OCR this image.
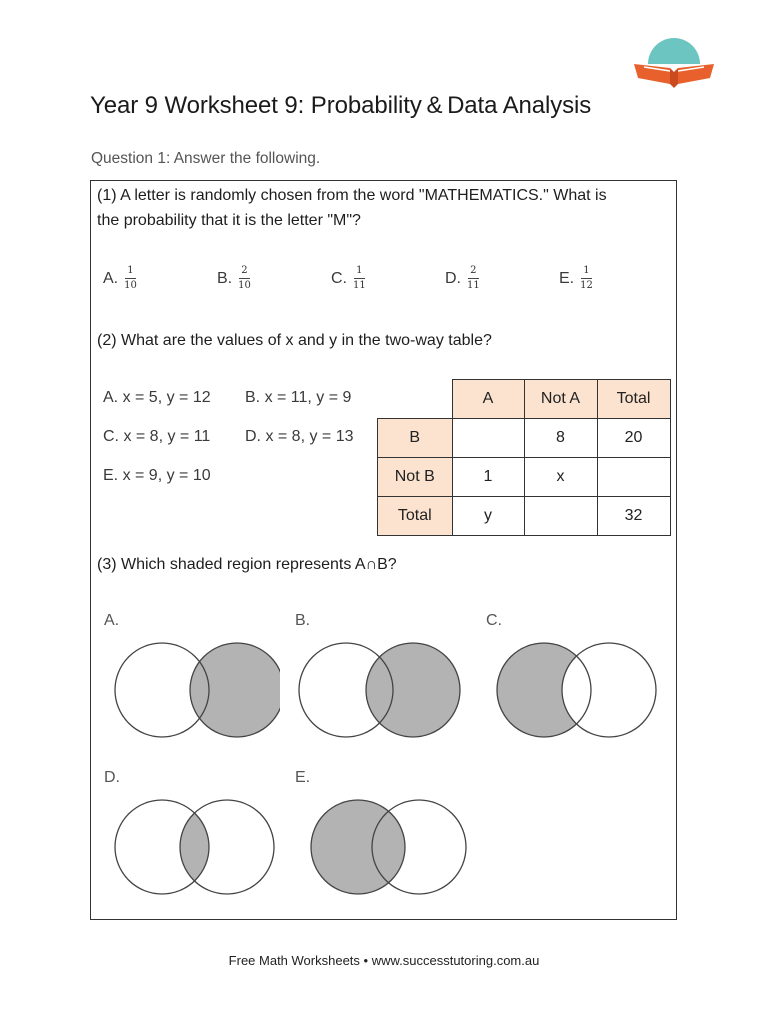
Year 9 Worksheet 9: Probability & Data Analysis
Question 1: Answer the following.
(1) A letter is randomly chosen from the word "MATHEMATICS." What is
the probability that it is the letter "M"?
A. $\frac{1}{10}$	B. $\frac{2}{10}$	C. $\frac{1}{11}$	D. $\frac{2}{11}$	E. $\frac{1}{12}$
(2) What are the values of x and y in the two-way table?
A. x = 5, y = 12 B. x = 11, y = 9
C. x = 8, y = 11 D. x = 8, y = 13
E. x = 9, y = 10
	A	Not A	Total
B		8	20
Not B	1	x	
Total	y		32
(3) Which shaded region represents A∩B?
A.	B.	C.
D.	E.
Free Math Worksheets • www.successtutoring.com.au
